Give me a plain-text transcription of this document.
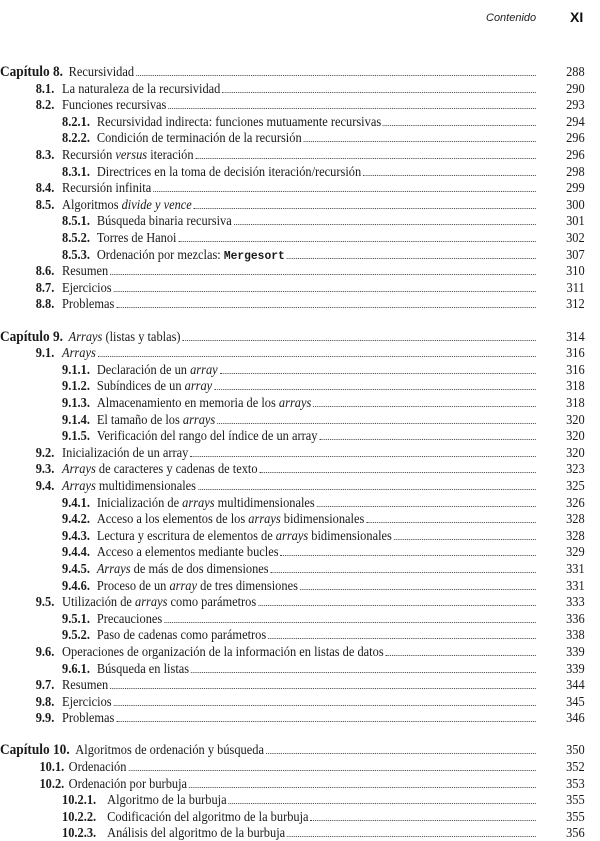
Contenido XI
Capítulo 8. Recursividad	288
8.1. La naturaleza de la recursividad	290
8.2. Funciones recursivas	293
8.2.1. Recursividad indirecta: funciones mutuamente recursivas	294
8.2.2. Condición de terminación de la recursión	296
8.3. Recursión versus iteración	296
8.3.1. Directrices en la toma de decisión iteración/recursión	298
8.4. Recursión infinita	299
8.5. Algoritmos divide y vence	300
8.5.1. Búsqueda binaria recursiva	301
8.5.2. Torres de Hanoi	302
8.5.3. Ordenación por mezclas: Mergesort	307
8.6. Resumen	310
8.7. Ejercicios	311
8.8. Problemas	312
Capítulo 9. Arrays (listas y tablas)	314
9.1. Arrays	316
9.1.1. Declaración de un array	316
9.1.2. Subíndices de un array	318
9.1.3. Almacenamiento en memoria de los arrays	318
9.1.4. El tamaño de los arrays	320
9.1.5. Verificación del rango del índice de un array	320
9.2. Inicialización de un array	320
9.3. Arrays de caracteres y cadenas de texto	323
9.4. Arrays multidimensionales	325
9.4.1. Inicialización de arrays multidimensionales	326
9.4.2. Acceso a los elementos de los arrays bidimensionales	328
9.4.3. Lectura y escritura de elementos de arrays bidimensionales	328
9.4.4. Acceso a elementos mediante bucles	329
9.4.5. Arrays de más de dos dimensiones	331
9.4.6. Proceso de un array de tres dimensiones	331
9.5. Utilización de arrays como parámetros	333
9.5.1. Precauciones	336
9.5.2. Paso de cadenas como parámetros	338
9.6. Operaciones de organización de la información en listas de datos	339
9.6.1. Búsqueda en listas	339
9.7. Resumen	344
9.8. Ejercicios	345
9.9. Problemas	346
Capítulo 10. Algoritmos de ordenación y búsqueda	350
10.1. Ordenación	352
10.2. Ordenación por burbuja	353
10.2.1. Algoritmo de la burbuja	355
10.2.2. Codificación del algoritmo de la burbuja	355
10.2.3. Análisis del algoritmo de la burbuja	356
